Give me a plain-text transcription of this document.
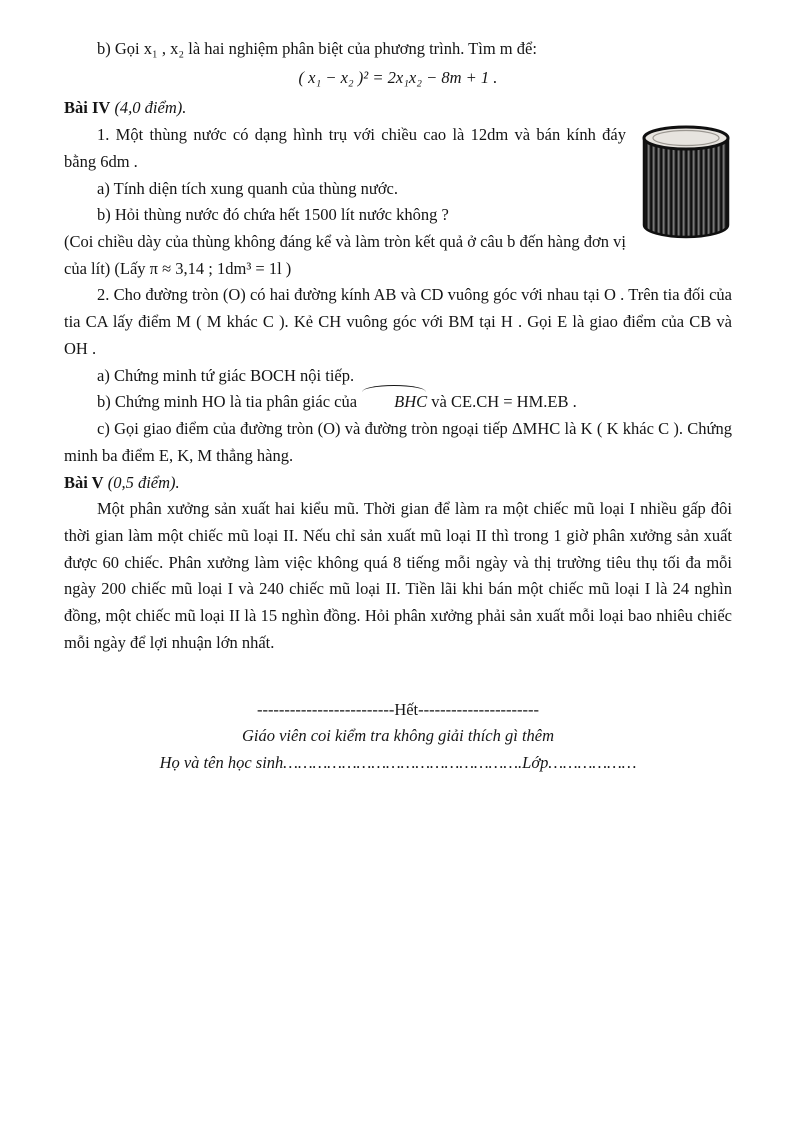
b) Gọi x₁ , x₂ là hai nghiệm phân biệt của phương trình. Tìm m để:

( x₁ − x₂ )² = 2x₁x₂ − 8m + 1 .

Bài IV (4,0 điểm).

1. Một thùng nước có dạng hình trụ với chiều cao là 12dm và bán kính đáy bằng 6dm .

a) Tính diện tích xung quanh của thùng nước.

b) Hỏi thùng nước đó chứa hết 1500 lít nước không ?

(Coi chiều dày của thùng không đáng kể và làm tròn kết quả ở câu b đến hàng đơn vị của lít) (Lấy π ≈ 3,14 ; 1dm³ = 1l )

2. Cho đường tròn (O) có hai đường kính AB và CD vuông góc với nhau tại O . Trên tia đối của tia CA lấy điểm M ( M khác C ). Kẻ CH vuông góc với BM tại H . Gọi E là giao điểm của CB và OH .

a) Chứng minh tứ giác BOCH nội tiếp.

b) Chứng minh HO là tia phân giác của BHC và CE.CH = HM.EB .

c) Gọi giao điểm của đường tròn (O) và đường tròn ngoại tiếp ΔMHC là K ( K khác C ). Chứng minh ba điểm E, K, M thẳng hàng.

Bài V (0,5 điểm).

Một phân xưởng sản xuất hai kiểu mũ. Thời gian để làm ra một chiếc mũ loại I nhiều gấp đôi thời gian làm một chiếc mũ loại II. Nếu chỉ sản xuất mũ loại II thì trong 1 giờ phân xưởng sản xuất được 60 chiếc. Phân xưởng làm việc không quá 8 tiếng mỗi ngày và thị trường tiêu thụ tối đa mỗi ngày 200 chiếc mũ loại I và 240 chiếc mũ loại II. Tiền lãi khi bán một chiếc mũ loại I là 24 nghìn đồng, một chiếc mũ loại II là 15 nghìn đồng. Hỏi phân xưởng phải sản xuất mỗi loại bao nhiêu chiếc mỗi ngày để lợi nhuận lớn nhất.

-------------------------Hết----------------------

Giáo viên coi kiểm tra không giải thích gì thêm

Họ và tên học sinh………………………………………….Lớp………………
